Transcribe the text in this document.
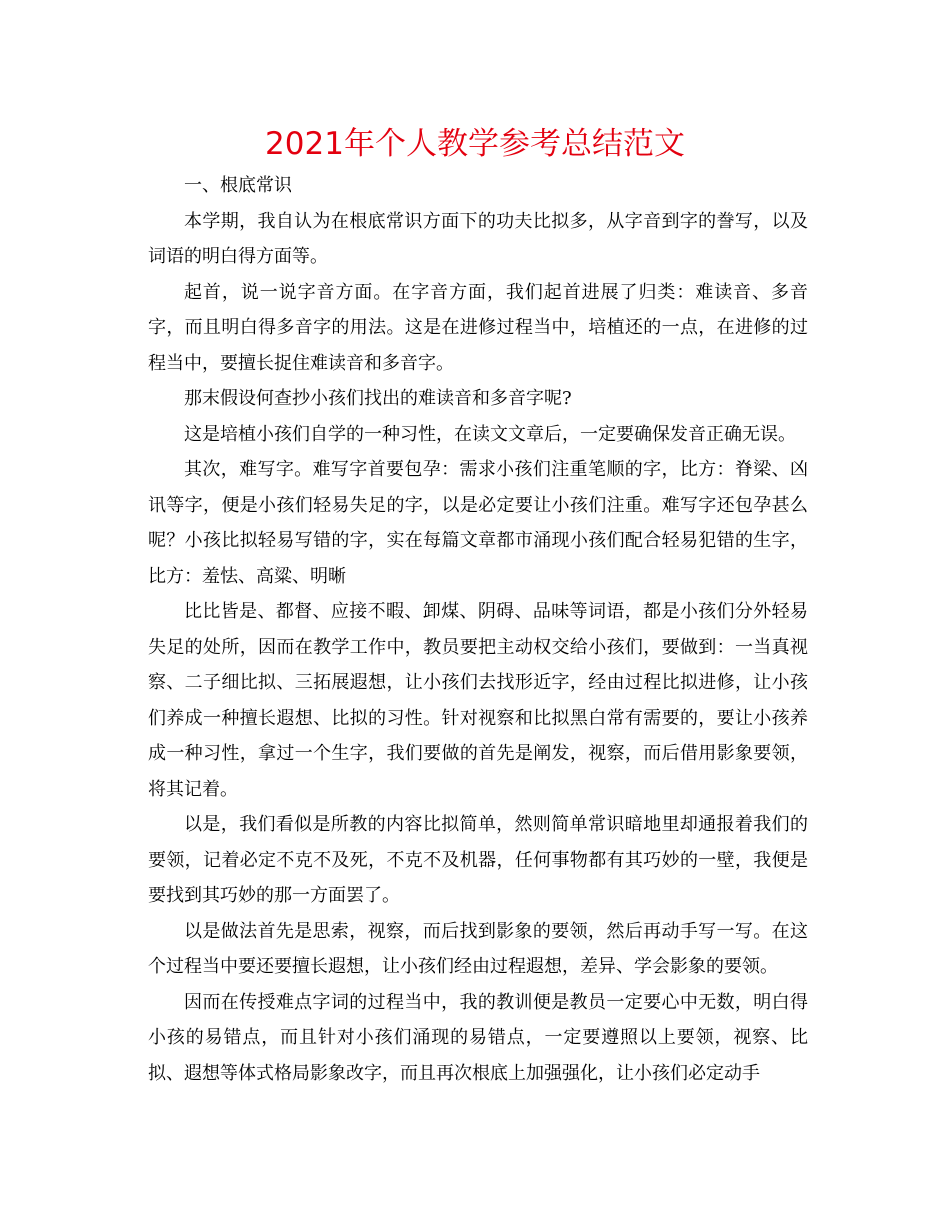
2021年个人教学参考总结范文

一、根底常识

本学期，我自认为在根底常识方面下的功夫比拟多，从字音到字的誊写，以及词语的明白得方面等。

起首，说一说字音方面。在字音方面，我们起首进展了归类：难读音、多音字，而且明白得多音字的用法。这是在进修过程当中，培植还的一点，在进修的过程当中，要擅长捉住难读音和多音字。

那末假设何查抄小孩们找出的难读音和多音字呢?

这是培植小孩们自学的一种习性，在读文文章后，一定要确保发音正确无误。

其次，难写字。难写字首要包孕：需求小孩们注重笔顺的字，比方：脊梁、凶讯等字，便是小孩们轻易失足的字，以是必定要让小孩们注重。难写字还包孕甚么呢？小孩比拟轻易写错的字，实在每篇文章都市涌现小孩们配合轻易犯错的生字，比方：羞怯、高粱、明晰

比比皆是、都督、应接不暇、卸煤、阴碍、品味等词语，都是小孩们分外轻易失足的处所，因而在教学工作中，教员要把主动权交给小孩们，要做到：一当真视察、二子细比拟、三拓展遐想，让小孩们去找形近字，经由过程比拟进修，让小孩们养成一种擅长遐想、比拟的习性。针对视察和比拟黑白常有需要的，要让小孩养成一种习性，拿过一个生字，我们要做的首先是阐发，视察，而后借用影象要领，将其记着。

以是，我们看似是所教的内容比拟简单，然则简单常识暗地里却通报着我们的要领，记着必定不克不及死，不克不及机器，任何事物都有其巧妙的一壁，我便是要找到其巧妙的那一方面罢了。

以是做法首先是思索，视察，而后找到影象的要领，然后再动手写一写。在这个过程当中要还要擅长遐想，让小孩们经由过程遐想，差异、学会影象的要领。

因而在传授难点字词的过程当中，我的教训便是教员一定要心中无数，明白得小孩的易错点，而且针对小孩们涌现的易错点，一定要遵照以上要领，视察、比拟、遐想等体式格局影象改字，而且再次根底上加强强化，让小孩们必定动手
